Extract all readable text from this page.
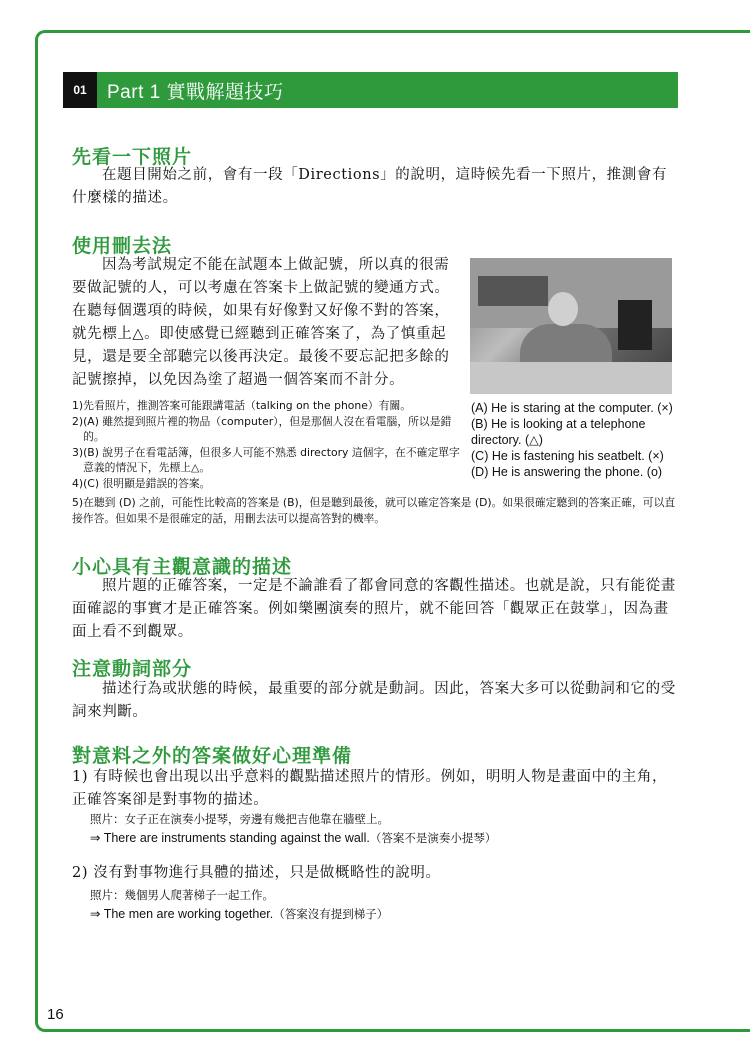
01	Part 1 實戰解題技巧
先看一下照片
在題目開始之前，會有一段「Directions」的說明，這時候先看一下照片，推測會有什麼樣的描述。
使用刪去法
因為考試規定不能在試題本上做記號，所以真的很需要做記號的人，可以考慮在答案卡上做記號的變通方式。在聽每個選項的時候，如果有好像對又好像不對的答案，就先標上△。即使感覺已經聽到正確答案了，為了慎重起見，還是要全部聽完以後再決定。最後不要忘記把多餘的記號擦掉，以免因為塗了超過一個答案而不計分。
1) 先看照片，推測答案可能跟講電話（talking on the phone）有關。
2) (A) 雖然提到照片裡的物品（computer），但是那個人沒在看電腦，所以是錯的。
3) (B) 說男子在看電話簿，但很多人可能不熟悉 directory 這個字，在不確定單字意義的情況下，先標上△。
4) (C) 很明顯是錯誤的答案。
(A) He is staring at the computer. (×)
(B) He is looking at a telephone directory. (△)
(C) He is fastening his seatbelt. (×)
(D) He is answering the phone. (o)
5)在聽到 (D) 之前，可能性比較高的答案是 (B)，但是聽到最後，就可以確定答案是 (D)。如果很確定聽到的答案正確，可以直接作答。但如果不是很確定的話，用刪去法可以提高答對的機率。
小心具有主觀意識的描述
照片題的正確答案，一定是不論誰看了都會同意的客觀性描述。也就是說，只有能從畫面確認的事實才是正確答案。例如樂團演奏的照片，就不能回答「觀眾正在鼓掌」，因為畫面上看不到觀眾。
注意動詞部分
描述行為或狀態的時候，最重要的部分就是動詞。因此，答案大多可以從動詞和它的受詞來判斷。
對意料之外的答案做好心理準備
1) 有時候也會出現以出乎意料的觀點描述照片的情形。例如，明明人物是畫面中的主角，正確答案卻是對事物的描述。
照片：女子正在演奏小提琴，旁邊有幾把吉他靠在牆壁上。
⇒ There are instruments standing against the wall.（答案不是演奏小提琴）
2) 沒有對事物進行具體的描述，只是做概略性的說明。
照片：幾個男人爬著梯子一起工作。
⇒ The men are working together.（答案沒有提到梯子）
16
